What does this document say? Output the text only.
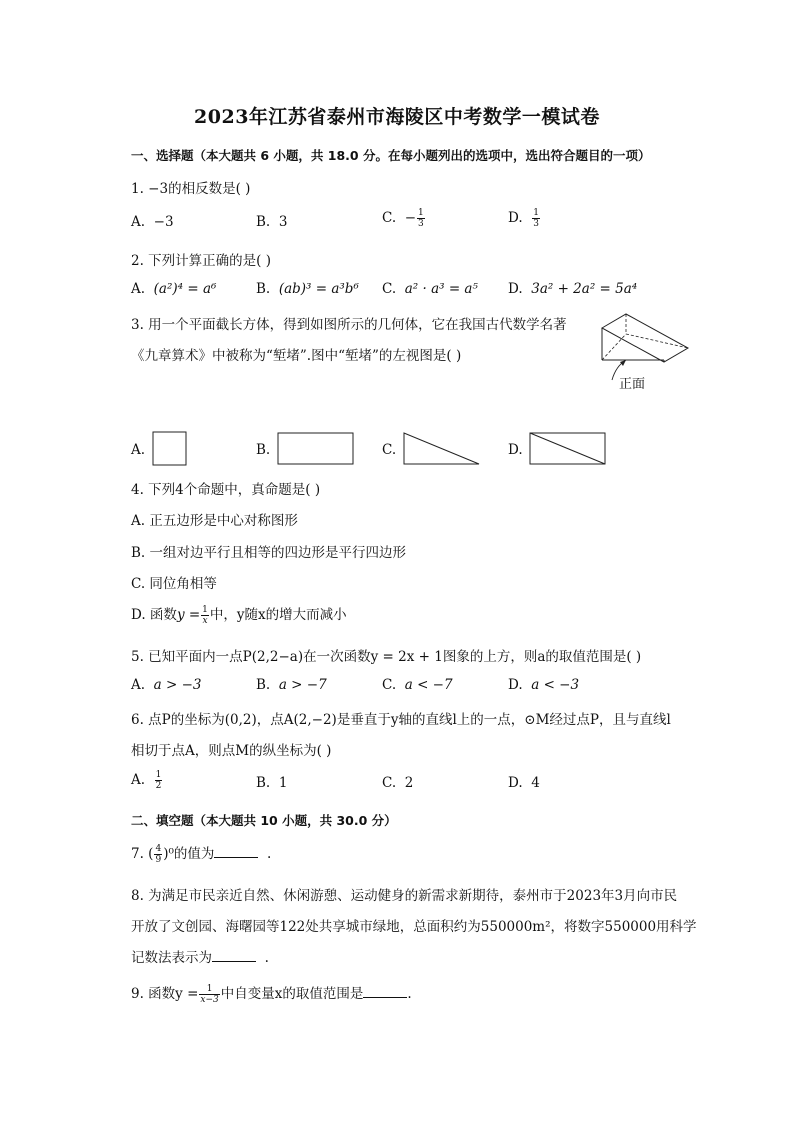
2023年江苏省泰州市海陵区中考数学一模试卷
一、选择题（本大题共 6 小题，共 18.0 分。在每小题列出的选项中，选出符合题目的一项）
1. −3的相反数是( )
A. −3	B. 3	C. − $\frac{1}{3}$	D. $\frac{1}{3}$
2. 下列计算正确的是( )
A. (a²)⁴ = a⁶	B. (ab)³ = a³b⁶ C. a² · a³ = a⁵ D. 3a² + 2a² = 5a⁴
3. 用一个平面截长方体，得到如图所示的几何体，它在我国古代数学名著
《九章算术》中被称为“堑堵”.图中“堑堵”的左视图是( )
正面
A.	B.	C.	D.
4. 下列4个命题中，真命题是( )
A. 正五边形是中心对称图形
B. 一组对边平行且相等的四边形是平行四边形
C. 同位角相等
D. 函数$y = \frac{1}{x}$ 中，y随x的增大而减小
5. 已知平面内一点P(2,2−a)在一次函数y = 2x + 1图象的上方，则a的取值范围是( )
A. a > −3	B. a > −7	C. a < −7	D. a < −3
6. 点P的坐标为(0,2)，点A(2,−2)是垂直于y轴的直线l上的一点，⊙M经过点P，且与直线l
相切于点A，则点M的纵坐标为( )
A. $\frac{1}{2}$	B. 1	C. 2	D. 4
二、填空题（本大题共 10 小题，共 30.0 分）
7. ( $\frac{4}{9} )^0$的值为	.
8. 为满足市民亲近自然、休闲游憩、运动健身的新需求新期待，泰州市于2023年3月向市民
开放了文创园、海曙园等122处共享城市绿地，总面积约为550000m²，将数字550000用科学
记数法表示为	.
9. 函数$y = \frac{1}{x-3}$ 中自变量x的取值范围是	.
